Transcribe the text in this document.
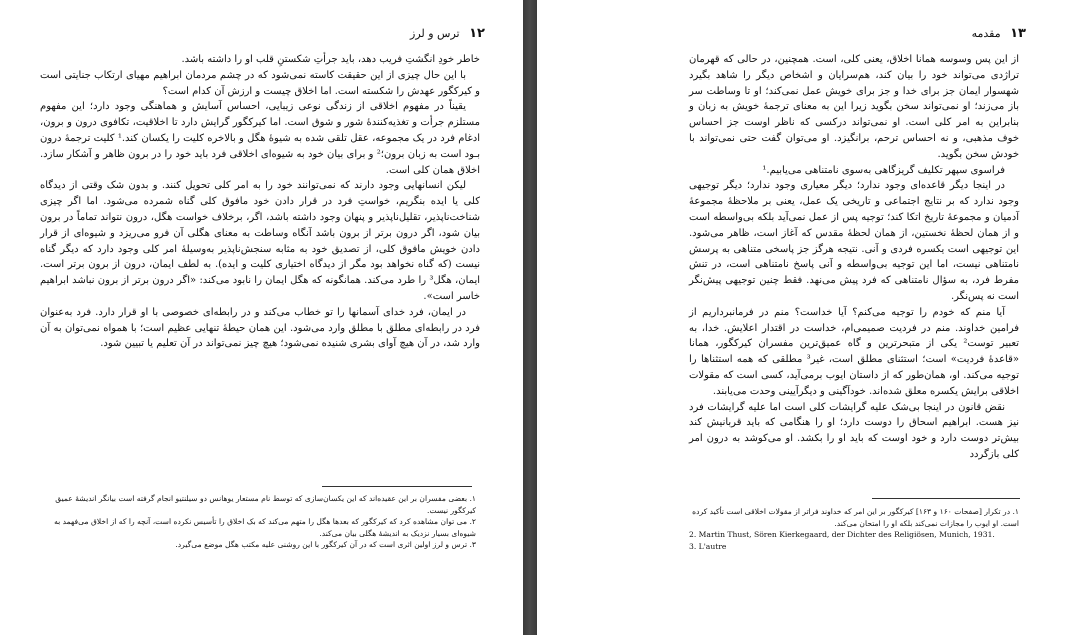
۱۲ ترس و لرز

خاطر خودِ انگشتِ فریب دهد، باید جرأتِ شکستنِ قلب او را داشته باشد.

با این حال چیزی از این حقیقت کاسته نمی‌شود که در چشم مردمان ابراهیم مهیای ارتکاب جنایتی است و کیرکگور عهدش را شکسته است. اما اخلاق چیست و ارزش آن کدام است؟

یقیناً در مفهوم اخلاقی از زندگی نوعی زیبایی، احساس آسایش و هماهنگی وجود دارد؛ این مفهوم مستلزم جرأت و تغذیه‌کنندهٔ شور و شوق است. اما کیرکگور گرایش دارد تا اخلاقیت، تکافوی درون و برون، ادغام فرد در یک مجموعه، عقل تلقی شده به شیوهٔ هگل و بالاخره کلیت را یکسان کند.¹ کلیت ترجمهٔ درون بـود است به زبان برون؛² و برای بیان خود به شیوه‌ای اخلاقی فرد باید خود را در برون ظاهر و آشکار سازد. اخلاق همان کلی است.

لیکن انسانهایی وجود دارند که نمی‌توانند خود را به امر کلی تحویل کنند. و بدون شک وقتی از دیدگاه کلی یا ایده بنگریم، خواستِ فرد در قرار دادن خود مافوق کلی گناه شمرده می‌شود. اما اگر چیزی شناخت‌ناپذیر، تقلیل‌ناپذیر و پنهان وجود داشته باشد، اگر، برخلاف خواست هگل، درون نتواند تماماً در برون بیان شود، اگر درون برتر از برون باشد آنگاه وساطت به معنای هگلی آن فرو می‌ریزد و شیوه‌ای از قرار دادن خویش مافوق کلی، از تصدیق خود به مثابه سنجش‌ناپذیر به‌وسیلهٔ امر کلی وجود دارد که دیگر گناه نیست (که گناه نخواهد بود مگر از دیدگاه اختیاری کلیت و ایده). به لطف ایمان، درون از برون برتر است. ایمان، هگل³ را طرد می‌کند. همانگونه که هگل ایمان را نابود می‌کند: «اگر درون برتر از برون نباشد ابراهیم خاسر است».

در ایمان، فرد خدای آسمانها را تو خطاب می‌کند و در رابطه‌ای خصوصی با او قرار دارد. فرد به‌عنوان فرد در رابطه‌ای مطلق با مطلق وارد می‌شود. این همان حیطهٔ تنهایی عظیم است؛ با همواه نمی‌توان به آن وارد شد، در آن هیچ آوای بشری شنیده نمی‌شود؛ هیچ چیز نمی‌تواند در آن تعلیم یا تبیین شود.

۱. بعضی مفسران بر این عقیده‌اند که این یکسان‌سازی که توسط نام مستعار یوهانس دو سیلنتیو انجام گرفته است بیانگر اندیشهٔ عمیق کیرکگور نیست.

۲. می توان مشاهده کرد که کیرکگور که بعدها هگل را متهم می‌کند که بک اخلاق را تأسیس نکرده است، آنچه را که از اخلاق می‌فهمد به شیوه‌ای بسیار نزدیک به اندیشهٔ هگلی بیان می‌کند.

۳. ترس و لرز اولین اثری است که در آن کیرکگور با این روشنی علیه مکتب هگل موضع می‌گیرد.

۱۳ مقدمه

از این پس وسوسه همانا اخلاق، یعنی کلی، است. همچنین، در حالی که قهرمان تراژدی می‌تواند خود را بیان کند، هم‌سرایان و اشخاص دیگر را شاهد بگیرد شهسوار ایمان جز برای خدا و جز برای خویش عمل نمی‌کند؛ او تا وساطت سر باز می‌زند؛ او نمی‌تواند سخن بگوید زیرا این به معنای ترجمهٔ خویش به زبان و بنابراین به امر کلی است. او نمی‌تواند درکسی که ناظر اوست جز احساس خوف مذهبی، و نه احساس ترحم، برانگیزد. او می‌توان گفت حتی نمی‌تواند با خودش سخن بگوید.

فراسوی سپهر تکلیف گریزگاهی به‌سوی نامتناهی می‌یابیم.¹

در اینجا دیگر قاعده‌ای وجود ندارد؛ دیگر معیاری وجود ندارد؛ دیگر توجیهی وجود ندارد که بر نتایج اجتماعی و تاریخی یک عمل، یعنی بر ملاحظهٔ مجموعهٔ آدمیان و مجموعهٔ تاریخ اتکا کند؛ توجیه پس از عمل نمی‌آید بلکه بی‌واسطه است و از همان لحظهٔ نخستین، از همان لحظهٔ مقدس که آغاز است، ظاهر می‌شود. این توجیهی است یکسره فردی و آنی. نتیجه هرگز جز پاسخی متناهی به پرسش نامتناهی نیست، اما این توجیه بی‌واسطه و آنی پاسخ نامتناهی است، در تنش مفرط فرد، به سؤال نامتناهی که فرد پیش می‌نهد. فقط چنین توجیهی پیش‌نگر است نه پس‌نگر.

آیا منم که خودم را توجیه می‌کنم؟ آیا خداست؟ منم در فرمانبرداریم از فرامین خداوند. منم در فردیت صمیمی‌ام، خداست در اقتدار اعلایش. خدا، به تعبیر توست² یکی از متبحرترین و گاه عمیق‌ترین مفسران کیرکگور، همانا «قاعدهٔ فردیت» است؛ استثنای مطلق است، غیر³ مطلقی که همه استثناها را توجیه می‌کند. او، همان‌طور که از داستان ایوب برمی‌آید، کسی است که مقولات اخلاقی برایش یکسره معلق شده‌اند. خودآگینی و دیگرآیینی وحدت می‌یابند.

نقض قانون در اینجا بی‌شک علیه گرایشات کلی است اما علیه گرایشات فرد نیز هست. ابراهیم اسحاق را دوست دارد؛ او را هنگامی که باید قربانیش کند بیش‌تر دوست دارد و خود اوست که باید او را بکشد. او می‌کوشد به درون امر کلی بازگردد

۱. در تکرار [صفحات ۱۶۰ و ۱۶۳] کیرکگور بر این امر که خداوند فراتر از مقولات اخلاقی است تأکید کرده است. او ایوب را مجازات نمی‌کند بلکه او را امتحان می‌کند.

2. Martin Thust, Sören Kierkegaard, der Dichter des Religiösen, Munich, 1931.

3. L'autre
